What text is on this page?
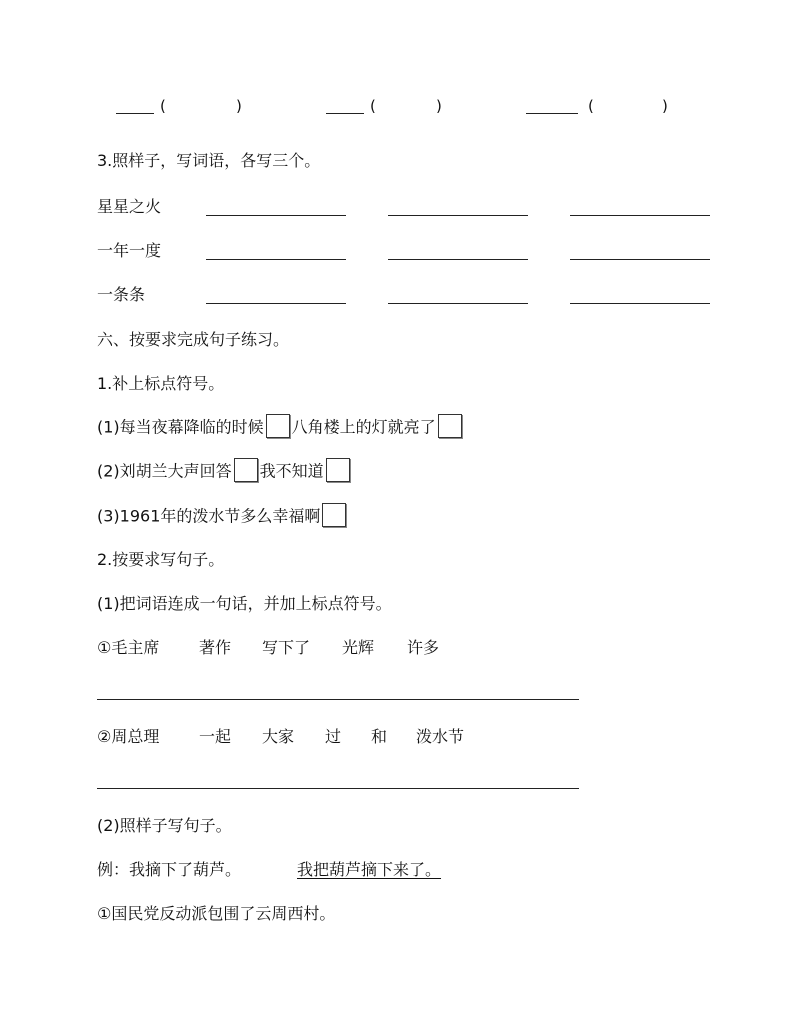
(	)	(	)	(	)
3.照样子，写词语，各写三个。
星星之火
一年一度
一条条
六、按要求完成句子练习。
1.补上标点符号。
(1)每当夜幕降临的时候 八角楼上的灯就亮了
(2)刘胡兰大声回答 我不知道
(3)1961年的泼水节多么幸福啊
2.按要求写句子。
(1)把词语连成一句话，并加上标点符号。
①毛主席 著作 写下了 光辉 许多
②周总理 一起 大家 过 和 泼水节
(2)照样子写句子。
例：我摘下了葫芦。	我把葫芦摘下来了。
①国民党反动派包围了云周西村。
